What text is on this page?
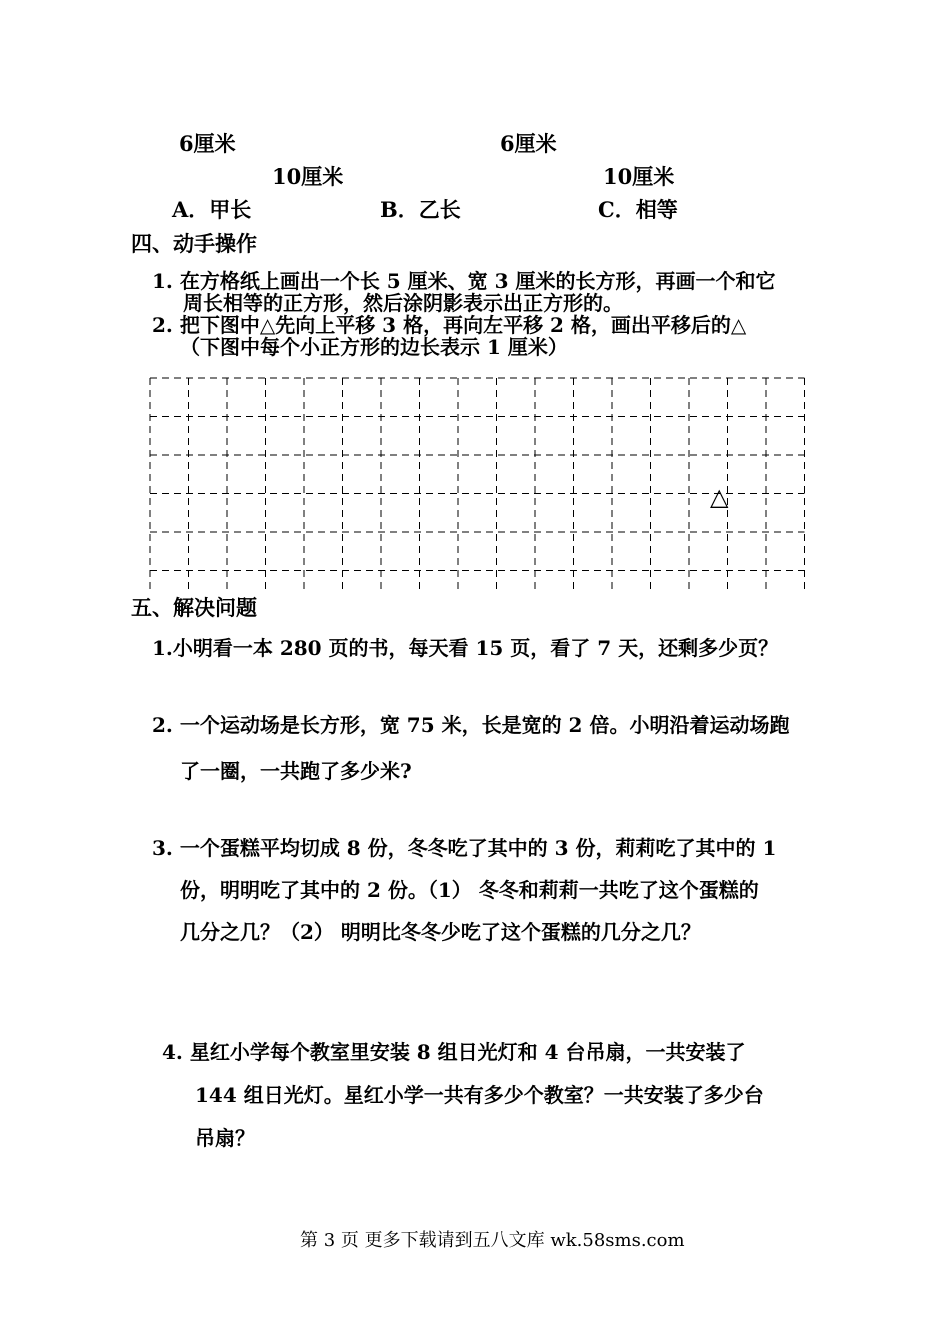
6厘米	6厘米
10厘米	10厘米
A．甲长	B．乙长	C．相等
四、动手操作
1. 在方格纸上画出一个长 5 厘米、宽 3 厘米的长方形，再画一个和它
周长相等的正方形，然后涂阴影表示出正方形的。
2. 把下图中△先向上平移 3 格，再向左平移 2 格，画出平移后的△
（下图中每个小正方形的边长表示 1 厘米）
△
五、解决问题
1.小明看一本 280 页的书，每天看 15 页，看了 7 天，还剩多少页？
2. 一个运动场是长方形，宽 75 米，长是宽的 2 倍。小明沿着运动场跑
了一圈，一共跑了多少米?
3. 一个蛋糕平均切成 8 份，冬冬吃了其中的 3 份，莉莉吃了其中的 1
份，明明吃了其中的 2 份。（1） 冬冬和莉莉一共吃了这个蛋糕的
几分之几？（2） 明明比冬冬少吃了这个蛋糕的几分之几？
4. 星红小学每个教室里安装 8 组日光灯和 4 台吊扇，一共安装了
144 组日光灯。星红小学一共有多少个教室？一共安装了多少台
吊扇？
第 3 页 更多下载请到五八文库 wk.58sms.com
